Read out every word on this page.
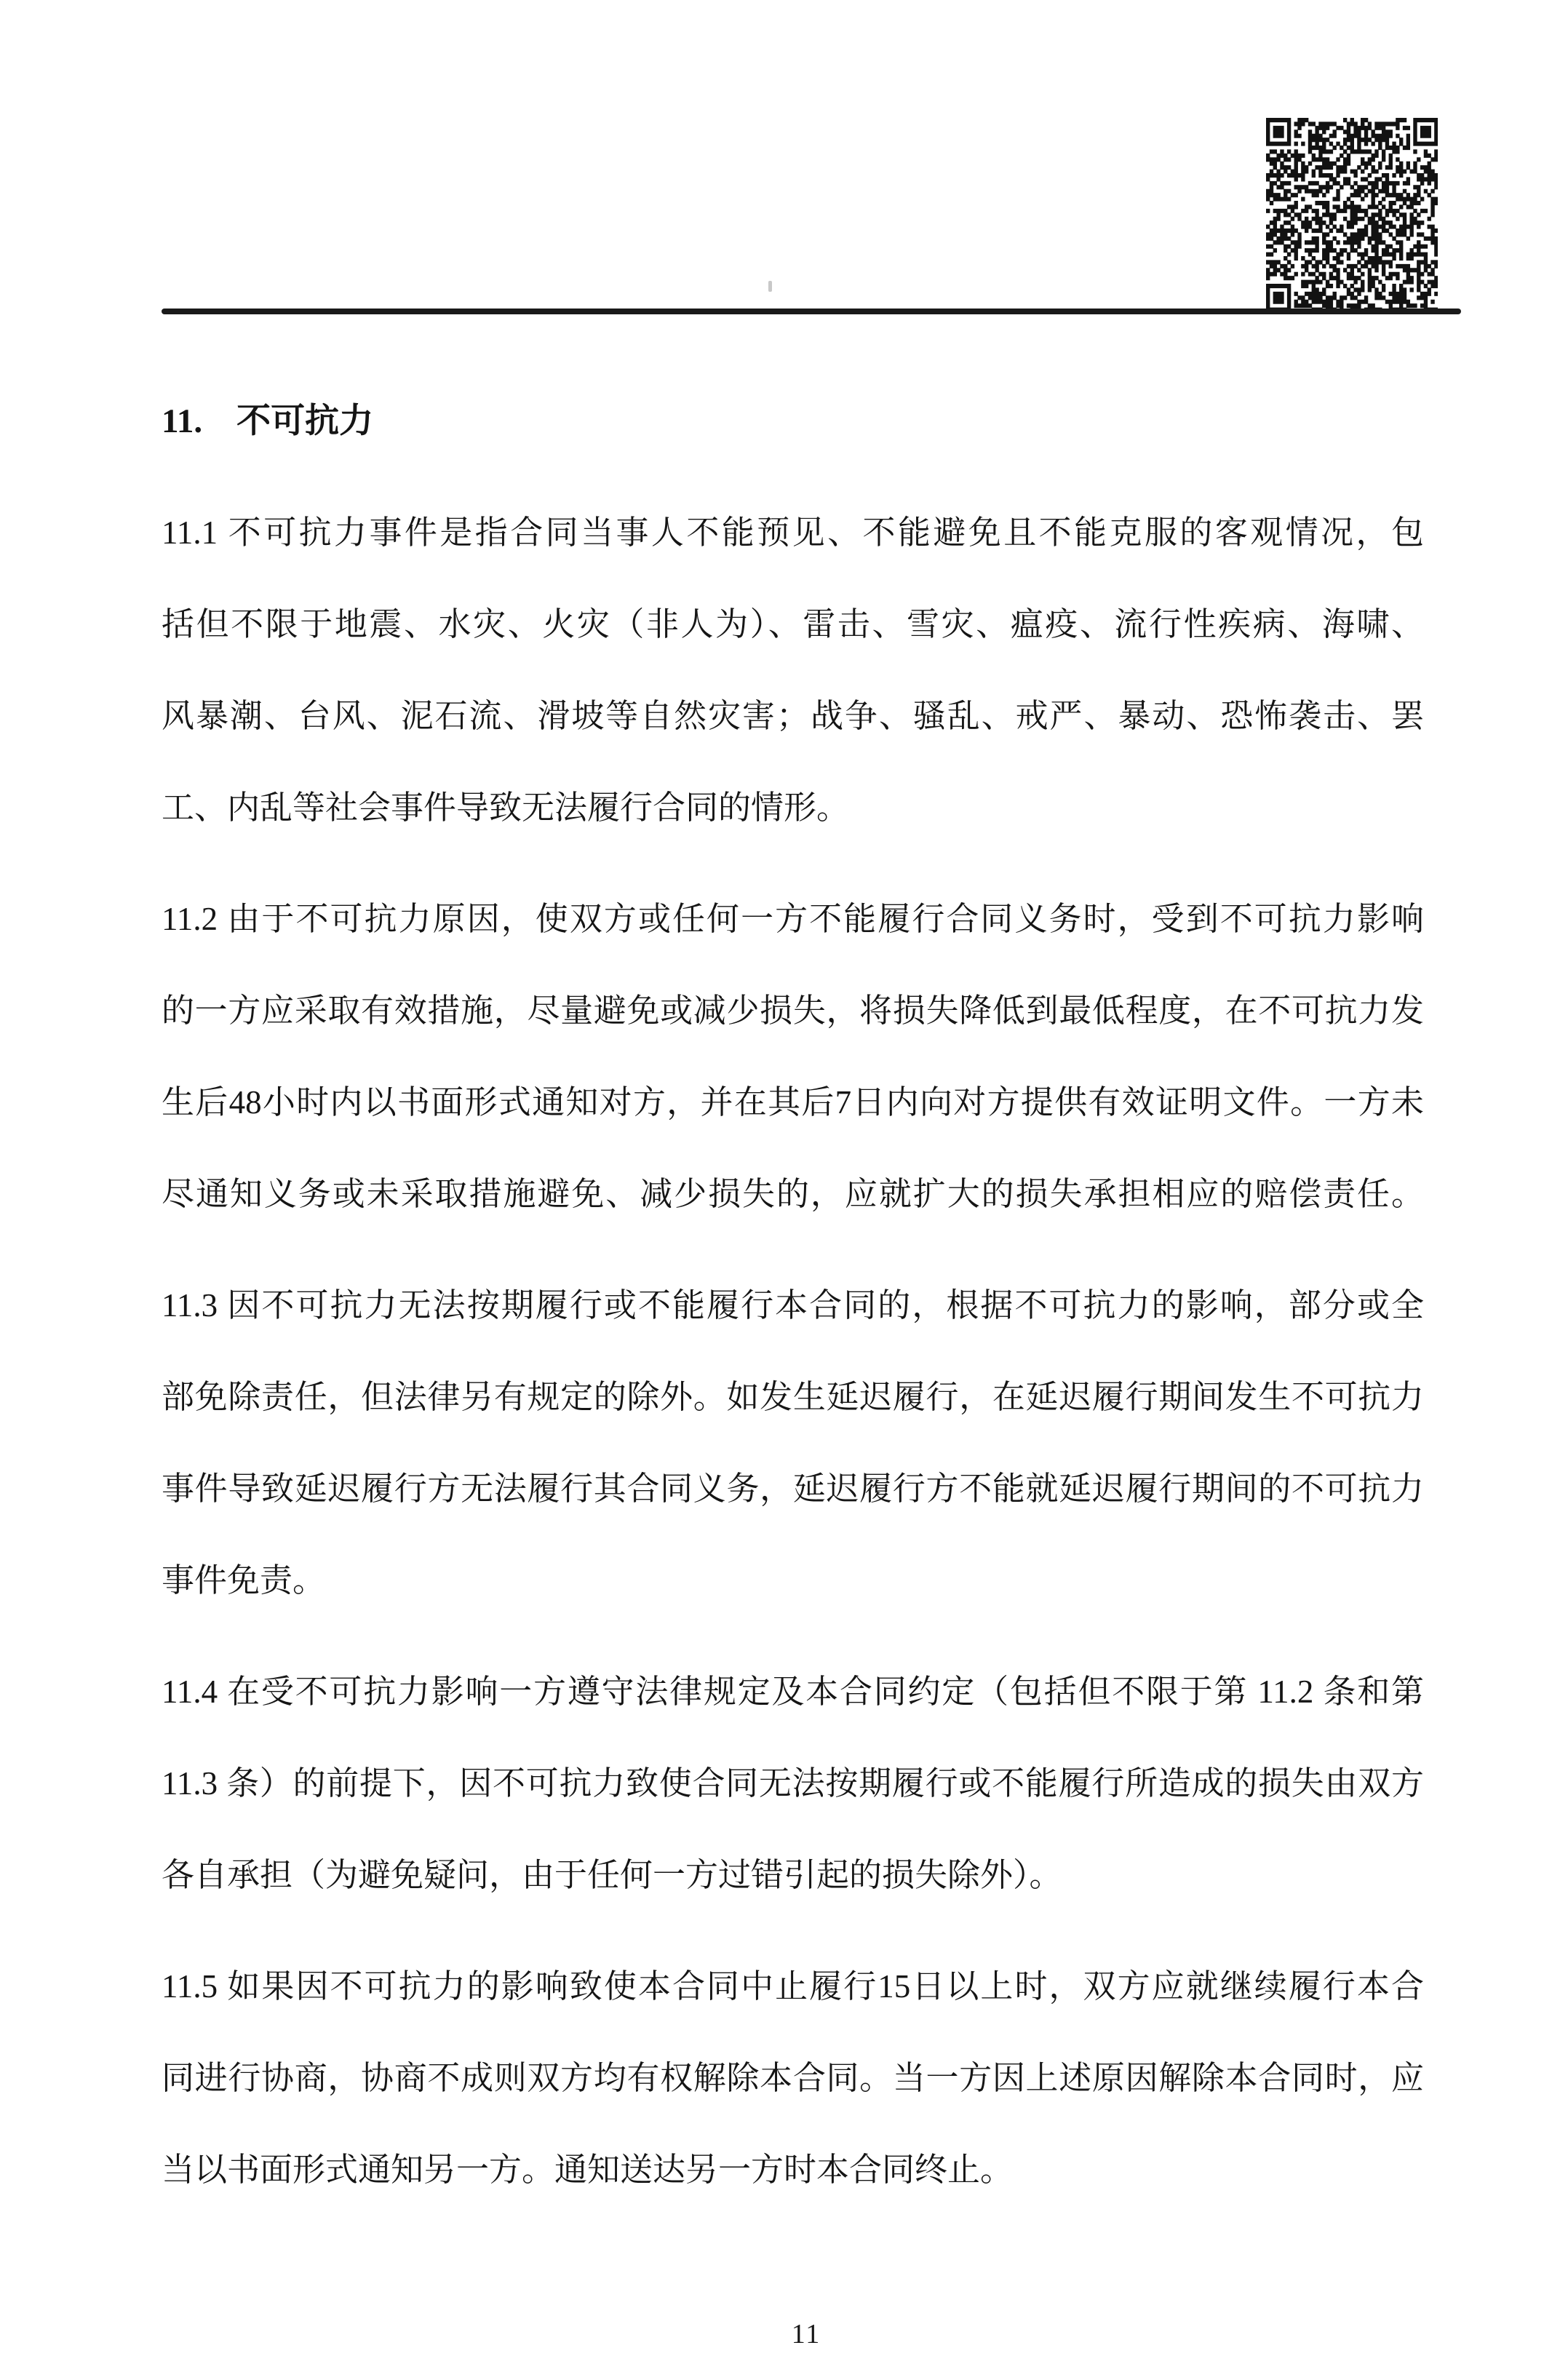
11.　不可抗力
11.1 不可抗力事件是指合同当事人不能预见、不能避免且不能克服的客观情况，包
括但不限于地震、水灾、火灾（非人为）、雷击、雪灾、瘟疫、流行性疾病、海啸、
风暴潮、台风、泥石流、滑坡等自然灾害；战争、骚乱、戒严、暴动、恐怖袭击、罢
工、内乱等社会事件导致无法履行合同的情形。
11.2 由于不可抗力原因，使双方或任何一方不能履行合同义务时，受到不可抗力影响
的一方应采取有效措施，尽量避免或减少损失，将损失降低到最低程度，在不可抗力发
生后48小时内以书面形式通知对方，并在其后7日内向对方提供有效证明文件。一方未
尽通知义务或未采取措施避免、减少损失的，应就扩大的损失承担相应的赔偿责任。
11.3 因不可抗力无法按期履行或不能履行本合同的，根据不可抗力的影响，部分或全
部免除责任，但法律另有规定的除外。如发生延迟履行，在延迟履行期间发生不可抗力
事件导致延迟履行方无法履行其合同义务，延迟履行方不能就延迟履行期间的不可抗力
事件免责。
11.4 在受不可抗力影响一方遵守法律规定及本合同约定（包括但不限于第 11.2 条和第
11.3 条）的前提下，因不可抗力致使合同无法按期履行或不能履行所造成的损失由双方
各自承担（为避免疑问，由于任何一方过错引起的损失除外）。
11.5 如果因不可抗力的影响致使本合同中止履行15日以上时，双方应就继续履行本合
同进行协商，协商不成则双方均有权解除本合同。当一方因上述原因解除本合同时，应
当以书面形式通知另一方。通知送达另一方时本合同终止。
11
